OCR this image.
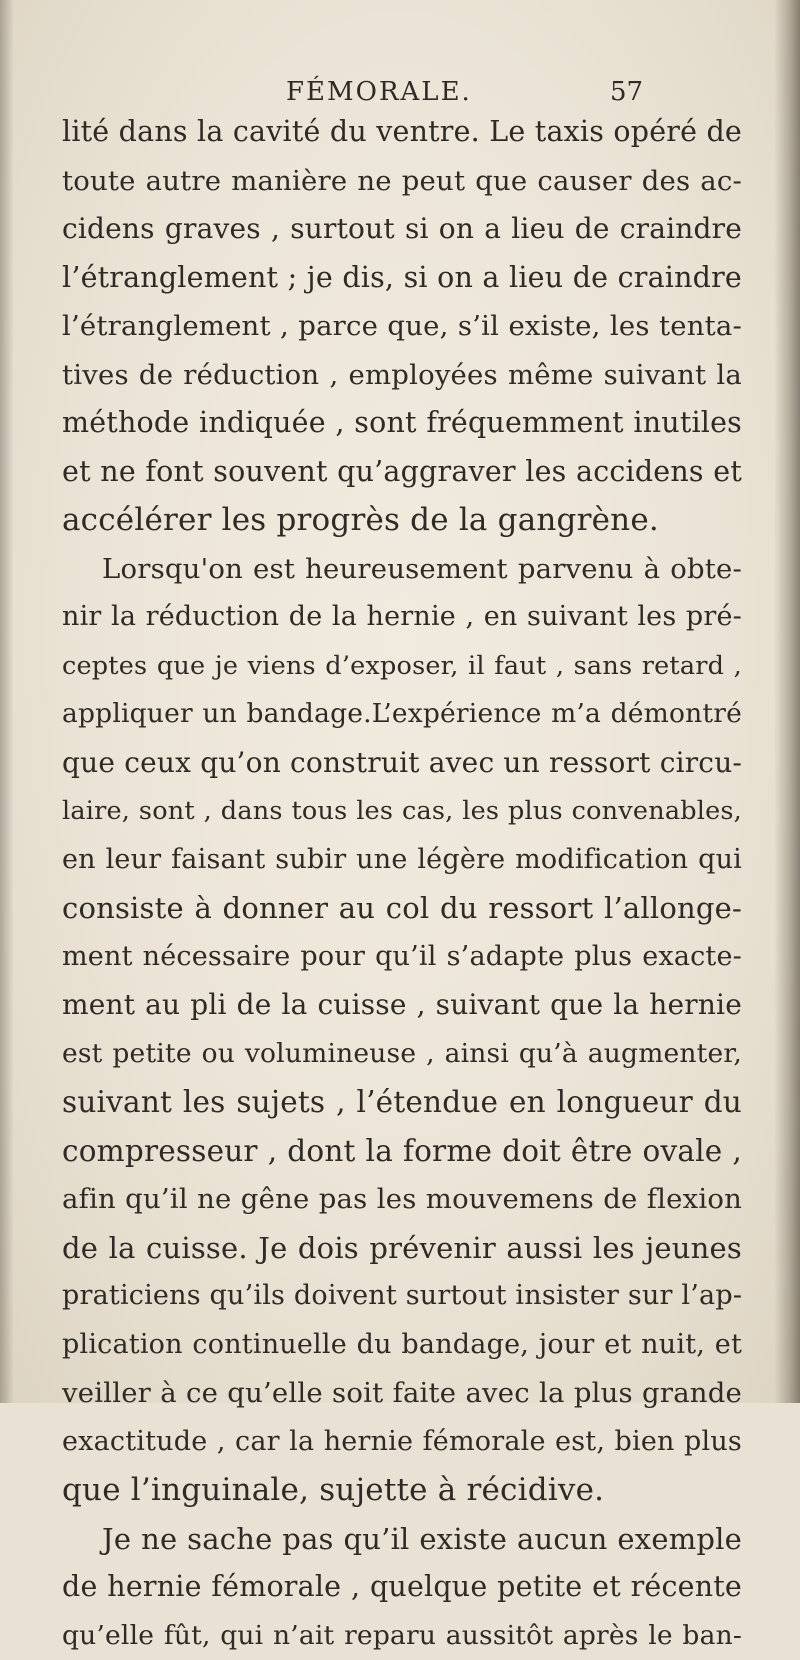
FÉMORALE.	57
lité dans la cavité du ventre. Le taxis opéré de
toute autre manière ne peut que causer des ac-
cidens graves , surtout si on a lieu de craindre
l’étranglement ; je dis, si on a lieu de craindre
l’étranglement , parce que, s’il existe, les tenta-
tives de réduction , employées même suivant la
méthode indiquée , sont fréquemment inutiles
et ne font souvent qu’aggraver les accidens et
accélérer les progrès de la gangrène.
Lorsqu'on est heureusement parvenu à obte-
nir la réduction de la hernie , en suivant les pré-
ceptes que je viens d’exposer, il faut , sans retard ,
appliquer un bandage.L’expérience m’a démontré
que ceux qu’on construit avec un ressort circu-
laire, sont , dans tous les cas, les plus convenables,
en leur faisant subir une légère modification qui
consiste à donner au col du ressort l’allonge-
ment nécessaire pour qu’il s’adapte plus exacte-
ment au pli de la cuisse , suivant que la hernie
est petite ou volumineuse , ainsi qu’à augmenter,
suivant les sujets , l’étendue en longueur du
compresseur , dont la forme doit être ovale ,
afin qu’il ne gêne pas les mouvemens de flexion
de la cuisse. Je dois prévenir aussi les jeunes
praticiens qu’ils doivent surtout insister sur l’ap-
plication continuelle du bandage, jour et nuit, et
veiller à ce qu’elle soit faite avec la plus grande
exactitude , car la hernie fémorale est, bien plus
que l’inguinale, sujette à récidive.
Je ne sache pas qu’il existe aucun exemple
de hernie fémorale , quelque petite et récente
qu’elle fût, qui n’ait reparu aussitôt après le ban-
